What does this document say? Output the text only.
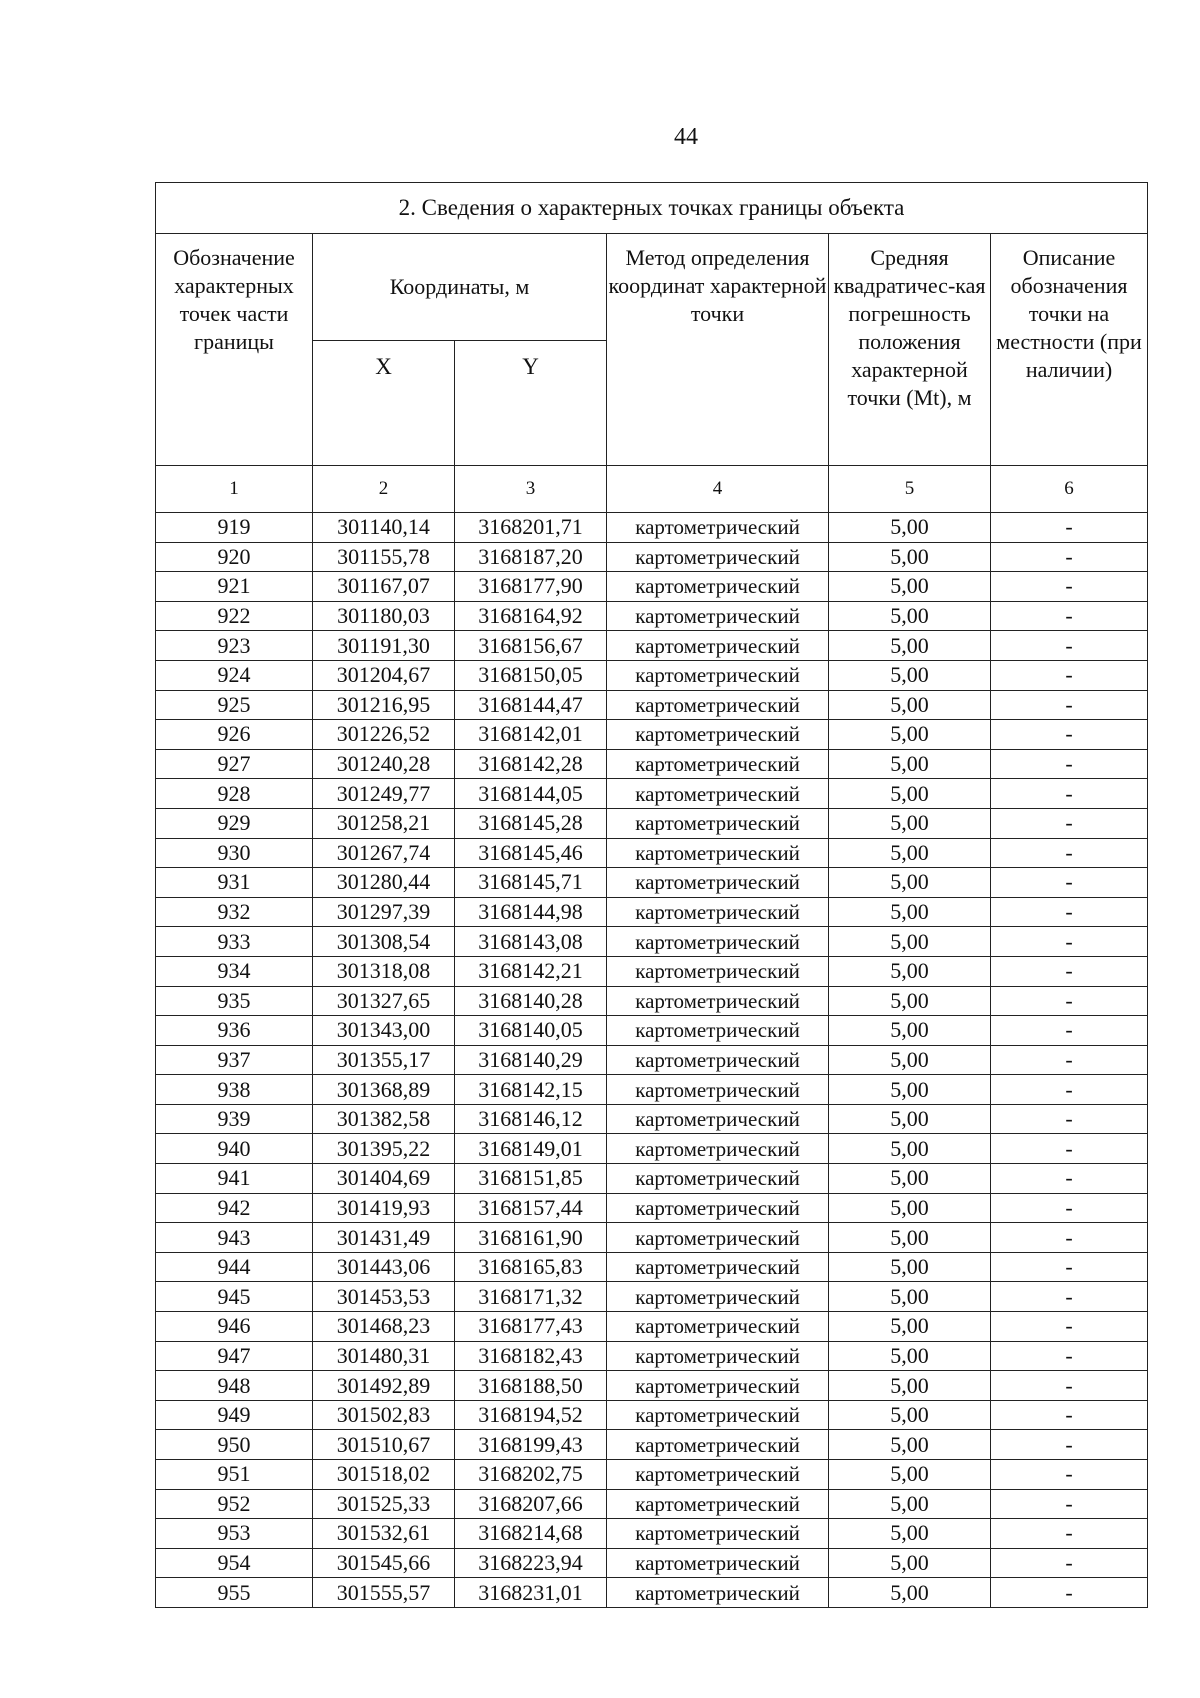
44
2. Сведения о характерных точках границы объекта					
Обозначение характерных точек части границы	Координаты, м		Метод определения координат характерной точки	Средняя квадратичес-кая погрешность положения характерной точки (Mt), м	Описание обозначения точки на местности (при наличии)
	X	Y			
1	2	3	4	5	6
919	301140,14	3168201,71	картометрический	5,00	-
920	301155,78	3168187,20	картометрический	5,00	-
921	301167,07	3168177,90	картометрический	5,00	-
922	301180,03	3168164,92	картометрический	5,00	-
923	301191,30	3168156,67	картометрический	5,00	-
924	301204,67	3168150,05	картометрический	5,00	-
925	301216,95	3168144,47	картометрический	5,00	-
926	301226,52	3168142,01	картометрический	5,00	-
927	301240,28	3168142,28	картометрический	5,00	-
928	301249,77	3168144,05	картометрический	5,00	-
929	301258,21	3168145,28	картометрический	5,00	-
930	301267,74	3168145,46	картометрический	5,00	-
931	301280,44	3168145,71	картометрический	5,00	-
932	301297,39	3168144,98	картометрический	5,00	-
933	301308,54	3168143,08	картометрический	5,00	-
934	301318,08	3168142,21	картометрический	5,00	-
935	301327,65	3168140,28	картометрический	5,00	-
936	301343,00	3168140,05	картометрический	5,00	-
937	301355,17	3168140,29	картометрический	5,00	-
938	301368,89	3168142,15	картометрический	5,00	-
939	301382,58	3168146,12	картометрический	5,00	-
940	301395,22	3168149,01	картометрический	5,00	-
941	301404,69	3168151,85	картометрический	5,00	-
942	301419,93	3168157,44	картометрический	5,00	-
943	301431,49	3168161,90	картометрический	5,00	-
944	301443,06	3168165,83	картометрический	5,00	-
945	301453,53	3168171,32	картометрический	5,00	-
946	301468,23	3168177,43	картометрический	5,00	-
947	301480,31	3168182,43	картометрический	5,00	-
948	301492,89	3168188,50	картометрический	5,00	-
949	301502,83	3168194,52	картометрический	5,00	-
950	301510,67	3168199,43	картометрический	5,00	-
951	301518,02	3168202,75	картометрический	5,00	-
952	301525,33	3168207,66	картометрический	5,00	-
953	301532,61	3168214,68	картометрический	5,00	-
954	301545,66	3168223,94	картометрический	5,00	-
955	301555,57	3168231,01	картометрический	5,00	-
